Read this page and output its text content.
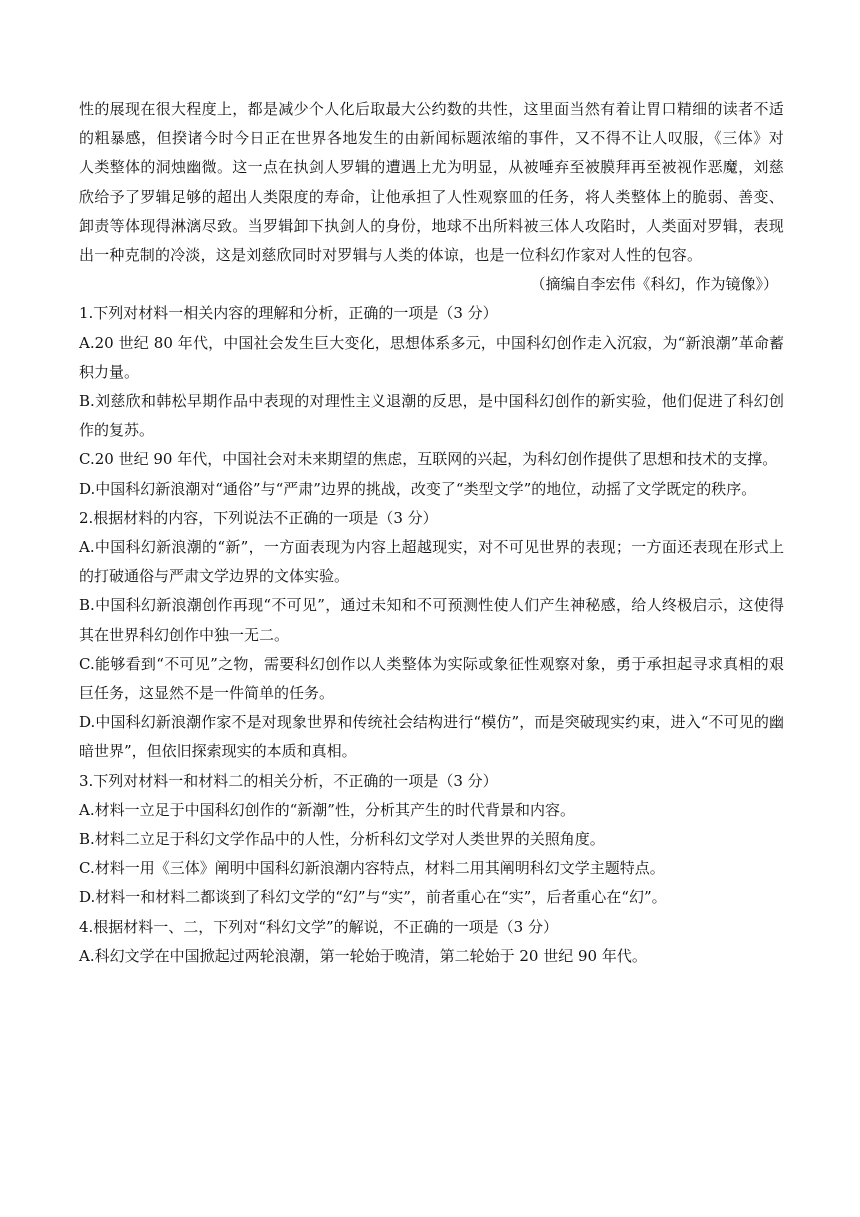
性的展现在很大程度上，都是减少个人化后取最大公约数的共性，这里面当然有着让胃口精细的读者不适的粗暴感，但揆诸今时今日正在世界各地发生的由新闻标题浓缩的事件，又不得不让人叹服，《三体》对人类整体的洞烛幽微。这一点在执剑人罗辑的遭遇上尤为明显，从被唾弃至被膜拜再至被视作恶魔，刘慈欣给予了罗辑足够的超出人类限度的寿命，让他承担了人性观察皿的任务，将人类整体上的脆弱、善变、卸责等体现得淋漓尽致。当罗辑卸下执剑人的身份，地球不出所料被三体人攻陷时，人类面对罗辑，表现出一种克制的冷淡，这是刘慈欣同时对罗辑与人类的体谅，也是一位科幻作家对人性的包容。

（摘编自李宏伟《科幻，作为镜像》）

1.下列对材料一相关内容的理解和分析，正确的一项是（3 分）

A.20 世纪 80 年代，中国社会发生巨大变化，思想体系多元，中国科幻创作走入沉寂，为“新浪潮”革命蓄积力量。

B.刘慈欣和韩松早期作品中表现的对理性主义退潮的反思，是中国科幻创作的新实验，他们促进了科幻创作的复苏。

C.20 世纪 90 年代，中国社会对未来期望的焦虑，互联网的兴起，为科幻创作提供了思想和技术的支撑。

D.中国科幻新浪潮对“通俗”与“严肃”边界的挑战，改变了“类型文学”的地位，动摇了文学既定的秩序。

2.根据材料的内容，下列说法不正确的一项是（3 分）

A.中国科幻新浪潮的“新”，一方面表现为内容上超越现实，对不可见世界的表现；一方面还表现在形式上的打破通俗与严肃文学边界的文体实验。

B.中国科幻新浪潮创作再现“不可见”，通过未知和不可预测性使人们产生神秘感，给人终极启示，这使得其在世界科幻创作中独一无二。

C.能够看到“不可见”之物，需要科幻创作以人类整体为实际或象征性观察对象，勇于承担起寻求真相的艰巨任务，这显然不是一件简单的任务。

D.中国科幻新浪潮作家不是对现象世界和传统社会结构进行“模仿”，而是突破现实约束，进入“不可见的幽暗世界”，但依旧探索现实的本质和真相。

3.下列对材料一和材料二的相关分析，不正确的一项是（3 分）

A.材料一立足于中国科幻创作的“新潮”性，分析其产生的时代背景和内容。

B.材料二立足于科幻文学作品中的人性，分析科幻文学对人类世界的关照角度。

C.材料一用《三体》阐明中国科幻新浪潮内容特点，材料二用其阐明科幻文学主题特点。

D.材料一和材料二都谈到了科幻文学的“幻”与“实”，前者重心在“实”，后者重心在“幻”。

4.根据材料一、二，下列对“科幻文学”的解说，不正确的一项是（3 分）

A.科幻文学在中国掀起过两轮浪潮，第一轮始于晚清，第二轮始于 20 世纪 90 年代。
